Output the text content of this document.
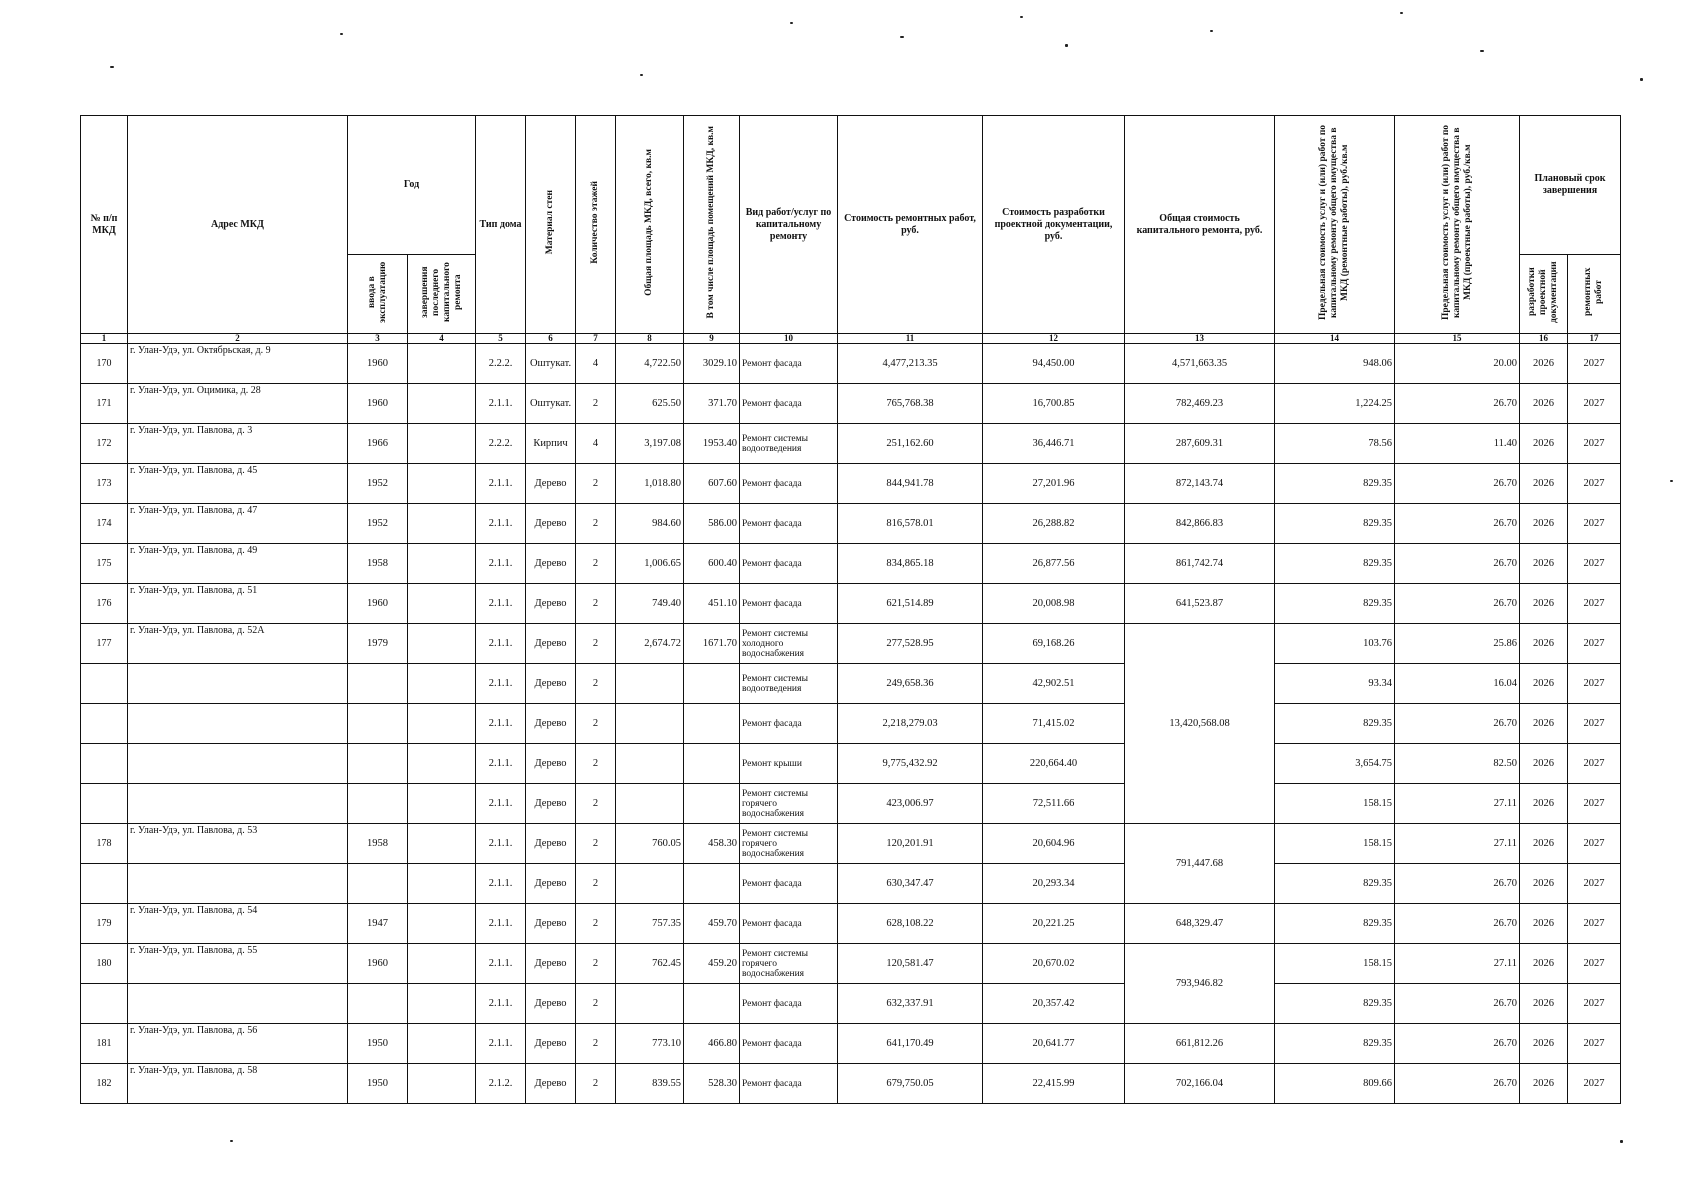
№ п/п МКД	Адрес МКД	Год		Тип дома	Материал стен	Количество этажей	Общая площадь МКД, всего, кв.м	В том числе площадь помещений МКД, кв.м	Вид работ/услуг по капитальному ремонту	Стоимость ремонтных работ, руб.	Стоимость разработки проектной документации, руб.	Общая стоимость капитального ремонта, руб.	Предельная стоимость услуг и (или) работ по капитальному ремонту общего имущества в МКД (ремонтные работы), руб./кв.м	Предельная стоимость услуг и (или) работ по капитальному ремонту общего имущества в МКД (проектные работы), руб./кв.м	Плановый срок завершения	
		ввода в эксплуатацию	завершения последнего капитального ремонта												разработки проектной документации	ремонтных работ
1	2	3	4	5	6	7	8	9	10	11	12	13	14	15	16	17
170	г. Улан-Удэ, ул. Октябрьская, д. 9	1960		2.2.2.	Оштукат.	4	4,722.50	3029.10	Ремонт фасада	4,477,213.35	94,450.00	4,571,663.35	948.06	20.00	2026	2027
171	г. Улан-Удэ, ул. Оцимика, д. 28	1960		2.1.1.	Оштукат.	2	625.50	371.70	Ремонт фасада	765,768.38	16,700.85	782,469.23	1,224.25	26.70	2026	2027
172	г. Улан-Удэ, ул. Павлова, д. 3	1966		2.2.2.	Кирпич	4	3,197.08	1953.40	Ремонт системы водоотведения	251,162.60	36,446.71	287,609.31	78.56	11.40	2026	2027
173	г. Улан-Удэ, ул. Павлова, д. 45	1952		2.1.1.	Дерево	2	1,018.80	607.60	Ремонт фасада	844,941.78	27,201.96	872,143.74	829.35	26.70	2026	2027
174	г. Улан-Удэ, ул. Павлова, д. 47	1952		2.1.1.	Дерево	2	984.60	586.00	Ремонт фасада	816,578.01	26,288.82	842,866.83	829.35	26.70	2026	2027
175	г. Улан-Удэ, ул. Павлова, д. 49	1958		2.1.1.	Дерево	2	1,006.65	600.40	Ремонт фасада	834,865.18	26,877.56	861,742.74	829.35	26.70	2026	2027
176	г. Улан-Удэ, ул. Павлова, д. 51	1960		2.1.1.	Дерево	2	749.40	451.10	Ремонт фасада	621,514.89	20,008.98	641,523.87	829.35	26.70	2026	2027
177	г. Улан-Удэ, ул. Павлова, д. 52А	1979		2.1.1.	Дерево	2	2,674.72	1671.70	Ремонт системы холодного водоснабжения	277,528.95	69,168.26	13,420,568.08	103.76	25.86	2026	2027
				2.1.1.	Дерево	2			Ремонт системы водоотведения	249,658.36	42,902.51		93.34	16.04	2026	2027
				2.1.1.	Дерево	2			Ремонт фасада	2,218,279.03	71,415.02		829.35	26.70	2026	2027
				2.1.1.	Дерево	2			Ремонт крыши	9,775,432.92	220,664.40		3,654.75	82.50	2026	2027
				2.1.1.	Дерево	2			Ремонт системы горячего водоснабжения	423,006.97	72,511.66		158.15	27.11	2026	2027
178	г. Улан-Удэ, ул. Павлова, д. 53	1958		2.1.1.	Дерево	2	760.05	458.30	Ремонт системы горячего водоснабжения	120,201.91	20,604.96	791,447.68	158.15	27.11	2026	2027
				2.1.1.	Дерево	2			Ремонт фасада	630,347.47	20,293.34		829.35	26.70	2026	2027
179	г. Улан-Удэ, ул. Павлова, д. 54	1947		2.1.1.	Дерево	2	757.35	459.70	Ремонт фасада	628,108.22	20,221.25	648,329.47	829.35	26.70	2026	2027
180	г. Улан-Удэ, ул. Павлова, д. 55	1960		2.1.1.	Дерево	2	762.45	459.20	Ремонт системы горячего водоснабжения	120,581.47	20,670.02	793,946.82	158.15	27.11	2026	2027
				2.1.1.	Дерево	2			Ремонт фасада	632,337.91	20,357.42		829.35	26.70	2026	2027
181	г. Улан-Удэ, ул. Павлова, д. 56	1950		2.1.1.	Дерево	2	773.10	466.80	Ремонт фасада	641,170.49	20,641.77	661,812.26	829.35	26.70	2026	2027
182	г. Улан-Удэ, ул. Павлова, д. 58	1950		2.1.2.	Дерево	2	839.55	528.30	Ремонт фасада	679,750.05	22,415.99	702,166.04	809.66	26.70	2026	2027
